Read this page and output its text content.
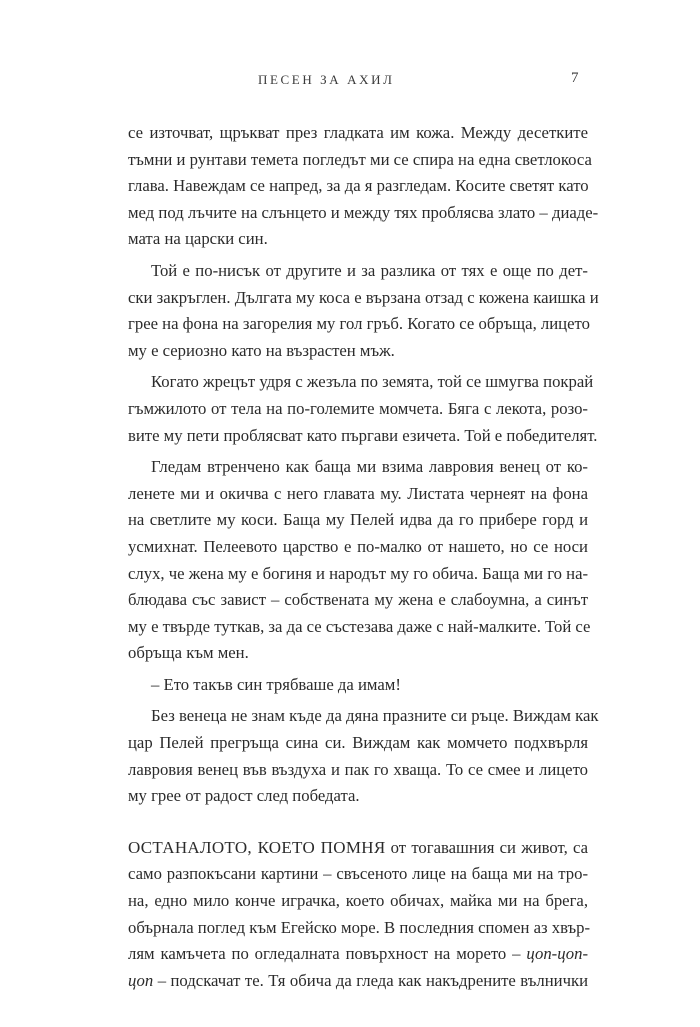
ПЕСЕН ЗА АХИЛ	7
се източват, щръкват през гладката им кожа. Между десетките
тъмни и рунтави темета погледът ми се спира на една светлокоса
глава. Навеждам се напред, за да я разгледам. Косите светят като
мед под лъчите на слънцето и между тях проблясва злато – диаде-
мата на царски син.
Той е по-нисък от другите и за разлика от тях е още по дет-
ски закръглен. Дългата му коса е вързана отзад с кожена каишка и
грее на фона на загорелия му гол гръб. Когато се обръща, лицето
му е сериозно като на възрастен мъж.
Когато жрецът удря с жезъла по земята, той се шмугва покрай
гъмжилото от тела на по-големите момчета. Бяга с лекота, розо-
вите му пети проблясват като пъргави езичета. Той е победителят.
Гледам втренчено как баща ми взима лавровия венец от ко-
ленете ми и окичва с него главата му. Листата чернеят на фона
на светлите му коси. Баща му Пелей идва да го прибере горд и
усмихнат. Пелеевото царство е по-малко от нашето, но се носи
слух, че жена му е богиня и народът му го обича. Баща ми го на-
блюдава със завист – собствената му жена е слабоумна, а синът
му е твърде туткав, за да се състезава даже с най-малките. Той се
обръща към мен.
– Ето такъв син трябваше да имам!
Без венеца не знам къде да дяна празните си ръце. Виждам как
цар Пелей прегръща сина си. Виждам как момчето подхвърля
лавровия венец във въздуха и пак го хваща. То се смее и лицето
му грее от радост след победата.
ОСТАНАЛОТО, КОЕТО ПОМНЯ от тогавашния си живот, са
само разпокъсани картини – свъсеното лице на баща ми на тро-
на, едно мило конче играчка, което обичах, майка ми на брега,
обърнала поглед към Егейско море. В последния спомен аз хвър-
лям камъчета по огледалната повърхност на морето – цоп-цоп-
цоп – подскачат те. Тя обича да гледа как накъдрените вълнички
